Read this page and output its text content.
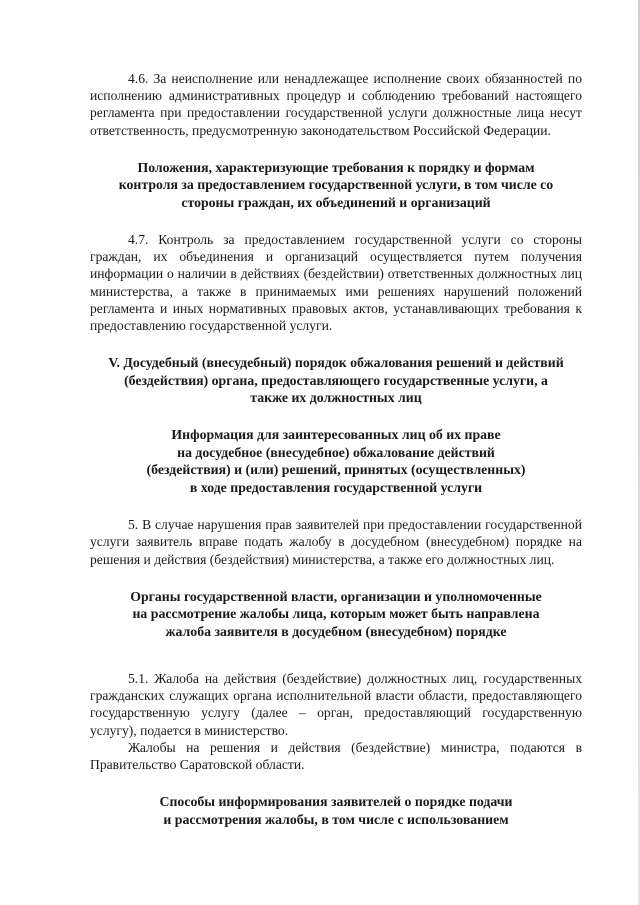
4.6. За неисполнение или ненадлежащее исполнение своих обязанностей по исполнению административных процедур и соблюдению требований настоящего регламента при предоставлении государственной услуги должностные лица несут ответственность, предусмотренную законодательством Российской Федерации.

Положения, характеризующие требования к порядку и формам

контроля за предоставлением государственной услуги, в том числе со

стороны граждан, их объединений и организаций

4.7. Контроль за предоставлением государственной услуги со стороны граждан, их объединения и организаций осуществляется путем получения информации о наличии в действиях (бездействии) ответственных должностных лиц министерства, а также в принимаемых ими решениях нарушений положений регламента и иных нормативных правовых актов, устанавливающих требования к предоставлению государственной услуги.

V. Досудебный (внесудебный) порядок обжалования решений и действий

(бездействия) органа, предоставляющего государственные услуги, а

также их должностных лиц

Информация для заинтересованных лиц об их праве

на досудебное (внесудебное) обжалование действий

(бездействия) и (или) решений, принятых (осуществленных)

в ходе предоставления государственной услуги

5. В случае нарушения прав заявителей при предоставлении государственной услуги заявитель вправе подать жалобу в досудебном (внесудебном) порядке на решения и действия (бездействия) министерства, а также его должностных лиц.

Органы государственной власти, организации и уполномоченные

на рассмотрение жалобы лица, которым может быть направлена

жалоба заявителя в досудебном (внесудебном) порядке

5.1. Жалоба на действия (бездействие) должностных лиц, государственных гражданских служащих органа исполнительной власти области, предоставляющего государственную услугу (далее – орган, предоставляющий государственную услугу), подается в министерство.

Жалобы на решения и действия (бездействие) министра, подаются в Правительство Саратовской области.

Способы информирования заявителей о порядке подачи

и рассмотрения жалобы, в том числе с использованием
